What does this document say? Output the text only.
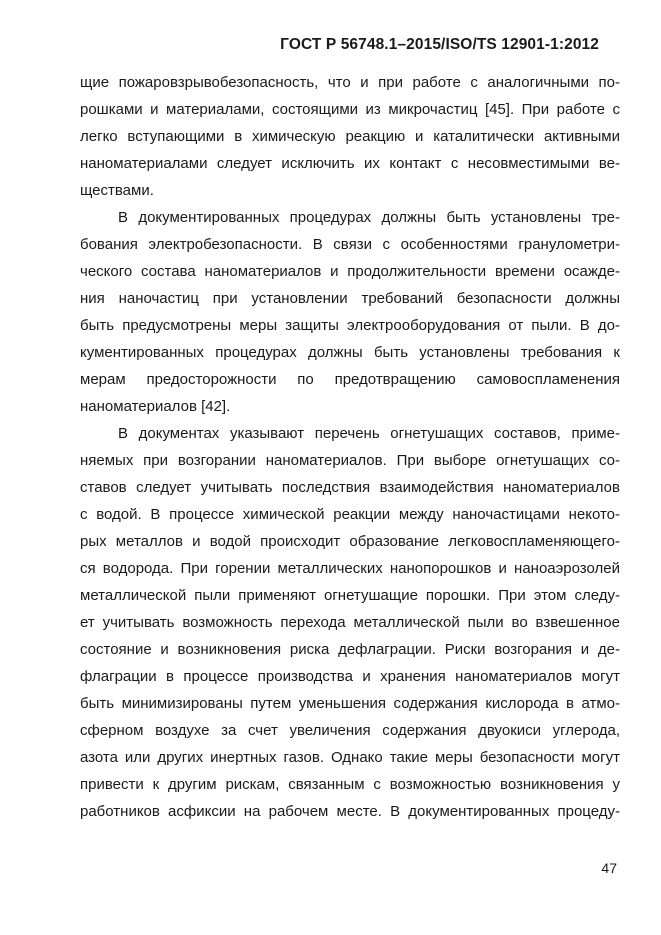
ГОСТ Р 56748.1–2015/ISO/TS 12901-1:2012

щие пожаровзрывобезопасность, что и при работе с аналогичными по-
рошками и материалами, состоящими из микрочастиц [45]. При работе с
легко вступающими в химическую реакцию и каталитически активными
наноматериалами следует исключить их контакт с несовместимыми ве-
ществами.

В документированных процедурах должны быть установлены тре-
бования электробезопасности. В связи с особенностями гранулометри-
ческого состава наноматериалов и продолжительности времени осажде-
ния наночастиц при установлении требований безопасности должны
быть предусмотрены меры защиты электрооборудования от пыли. В до-
кументированных процедурах должны быть установлены требования к
мерам предосторожности по предотвращению самовоспламенения
наноматериалов [42].

В документах указывают перечень огнетушащих составов, приме-
няемых при возгорании наноматериалов. При выборе огнетушащих со-
ставов следует учитывать последствия взаимодействия наноматериалов
с водой. В процессе химической реакции между наночастицами некото-
рых металлов и водой происходит образование легковоспламеняющего-
ся водорода. При горении металлических нанопорошков и наноаэрозолей
металлической пыли применяют огнетушащие порошки. При этом следу-
ет учитывать возможность перехода металлической пыли во взвешенное
состояние и возникновения риска дефлаграции. Риски возгорания и де-
флаграции в процессе производства и хранения наноматериалов могут
быть минимизированы путем уменьшения содержания кислорода в атмо-
сферном воздухе за счет увеличения содержания двуокиси углерода,
азота или других инертных газов. Однако такие меры безопасности могут
привести к другим рискам, связанным с возможностью возникновения у
работников асфиксии на рабочем месте. В документированных процеду-

47
